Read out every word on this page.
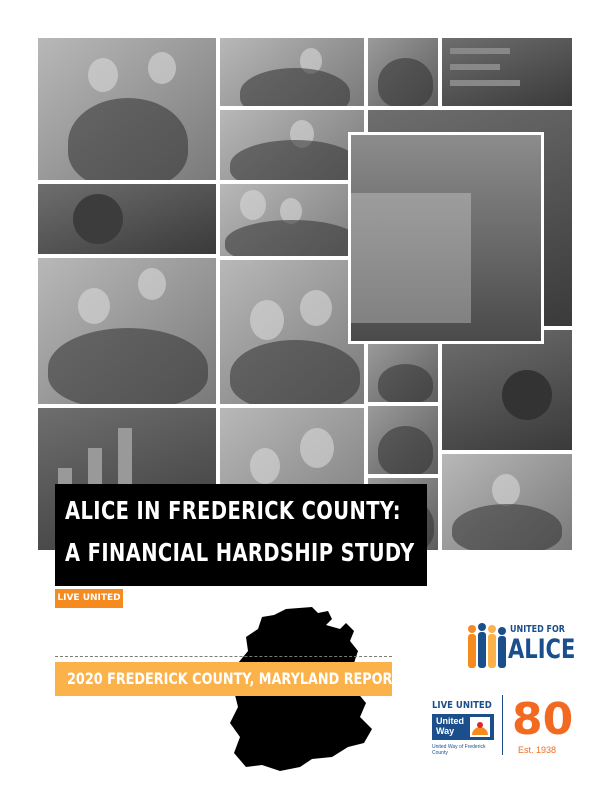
ALICE IN FREDERICK COUNTY:
A FINANCIAL HARDSHIP STUDY
LIVE UNITED
2020 FREDERICK COUNTY, MARYLAND REPORT
UNITED FOR
ALICE
LIVE UNITED
United Way
United Way of Frederick County
80
Est. 1938
